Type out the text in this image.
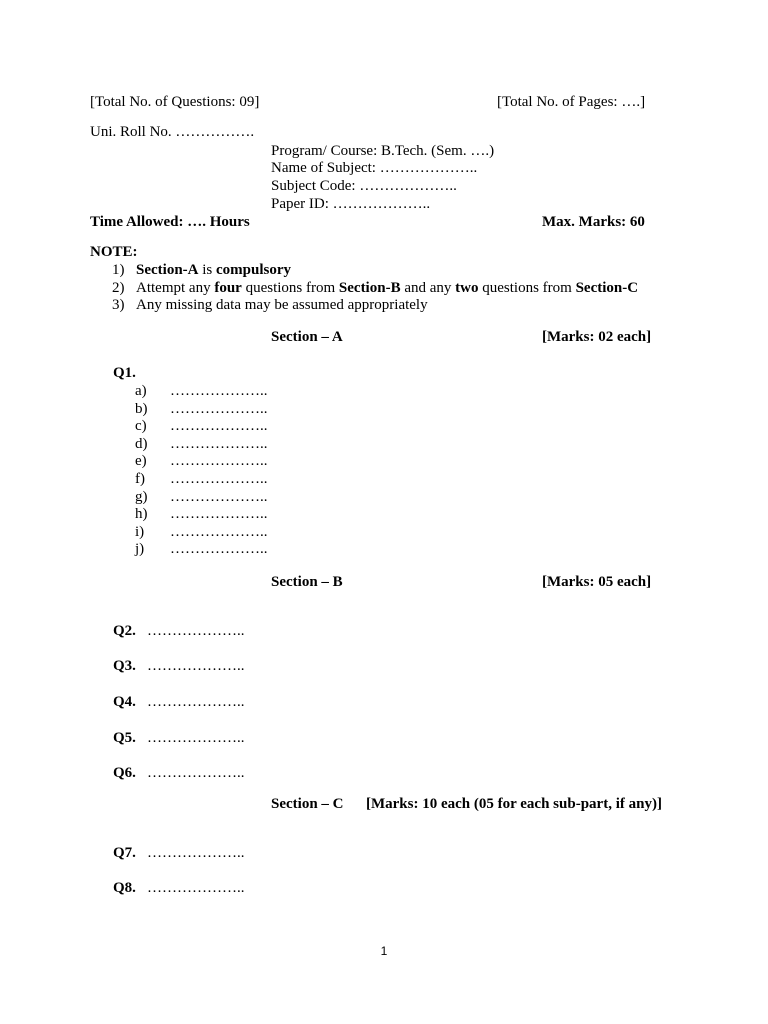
[Total No. of Questions: 09]	[Total No. of Pages: ….]
Uni. Roll No. …………….
Program/ Course: B.Tech. (Sem. ….)
Name of Subject: ………………..
Subject Code: ………………..
Paper ID: ………………..
Time Allowed: …. Hours	Max. Marks: 60
NOTE:
1) Section-A is compulsory
2) Attempt any four questions from Section-B and any two questions from Section-C
3) Any missing data may be assumed appropriately
Section – A	[Marks: 02 each]
Q1.
a) ………………..
b) ………………..
c) ………………..
d) ………………..
e) ………………..
f) ………………..
g) ………………..
h) ………………..
i) ………………..
j) ………………..
Section – B	[Marks: 05 each]
Q2. ………………..
Q3. ………………..
Q4. ………………..
Q5. ………………..
Q6. ………………..
Section – C [Marks: 10 each (05 for each sub-part, if any)]
Q7. ………………..
Q8. ………………..
1
